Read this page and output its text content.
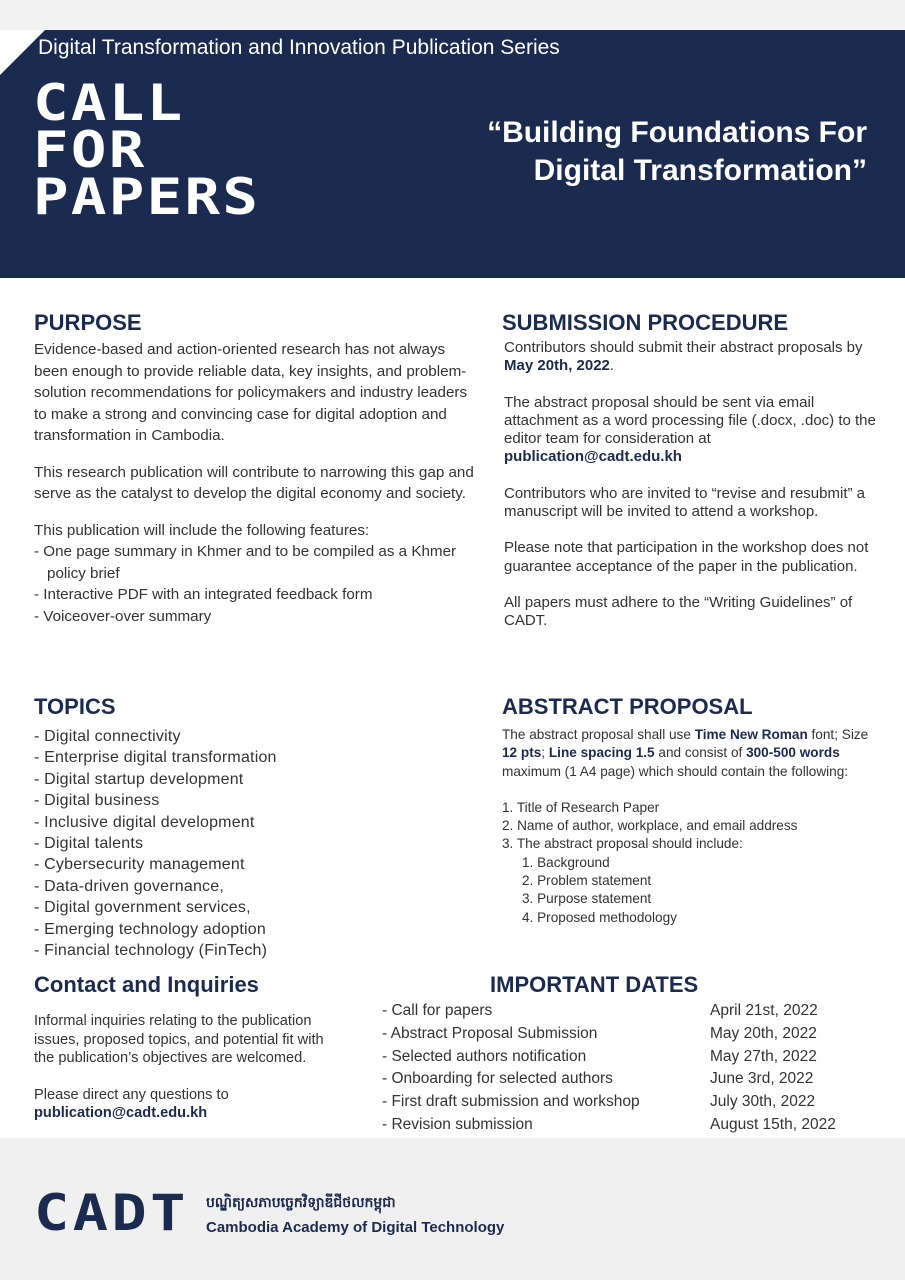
Digital Transformation and Innovation Publication Series
CALL
FOR
PAPERS
“Building Foundations For
Digital Transformation”
PURPOSE

Evidence-based and action-oriented research has not always been enough to provide reliable data, key insights, and problem-solution recommendations for policymakers and industry leaders to make a strong and convincing case for digital adoption and transformation in Cambodia.

This research publication will contribute to narrowing this gap and serve as the catalyst to develop the digital economy and society.

This publication will include the following features:

- One page summary in Khmer and to be compiled as a Khmer policy brief
- Interactive PDF with an integrated feedback form
- Voiceover-over summary
SUBMISSION PROCEDURE

Contributors should submit their abstract proposals by May 20th, 2022.

The abstract proposal should be sent via email attachment as a word processing file (.docx, .doc) to the editor team for consideration at publication@cadt.edu.kh

Contributors who are invited to “revise and resubmit” a manuscript will be invited to attend a workshop.

Please note that participation in the workshop does not guarantee acceptance of the paper in the publication.

All papers must adhere to the “Writing Guidelines” of CADT.

TOPICS
- Digital connectivity
- Enterprise digital transformation
- Digital startup development
- Digital business
- Inclusive digital development
- Digital talents
- Cybersecurity management
- Data-driven governance,
- Digital government services,
- Emerging technology adoption
- Financial technology (FinTech)
ABSTRACT PROPOSAL

The abstract proposal shall use Time New Roman font; Size 12 pts; Line spacing 1.5 and consist of 300-500 words maximum (1 A4 page) which should contain the following:

1. Title of Research Paper
2. Name of author, workplace, and email address
3. The abstract proposal should include:
1. Background
2. Problem statement
3. Purpose statement
4. Proposed methodology
Contact and Inquiries

Informal inquiries relating to the publication issues, proposed topics, and potential fit with the publication’s objectives are welcomed.

Please direct any questions to
publication@cadt.edu.kh
IMPORTANT DATES
- Call for papers	April 21st, 2022
- Abstract Proposal Submission	May 20th, 2022
- Selected authors notification	May 27th, 2022
- Onboarding for selected authors	June 3rd, 2022
- First draft submission and workshop	July 30th, 2022
- Revision submission	August 15th, 2022
CADT បណ្ឌិត្យសភាបច្ចេកវិទ្យាឌីជីថលកម្ពុជា
Cambodia Academy of Digital Technology
